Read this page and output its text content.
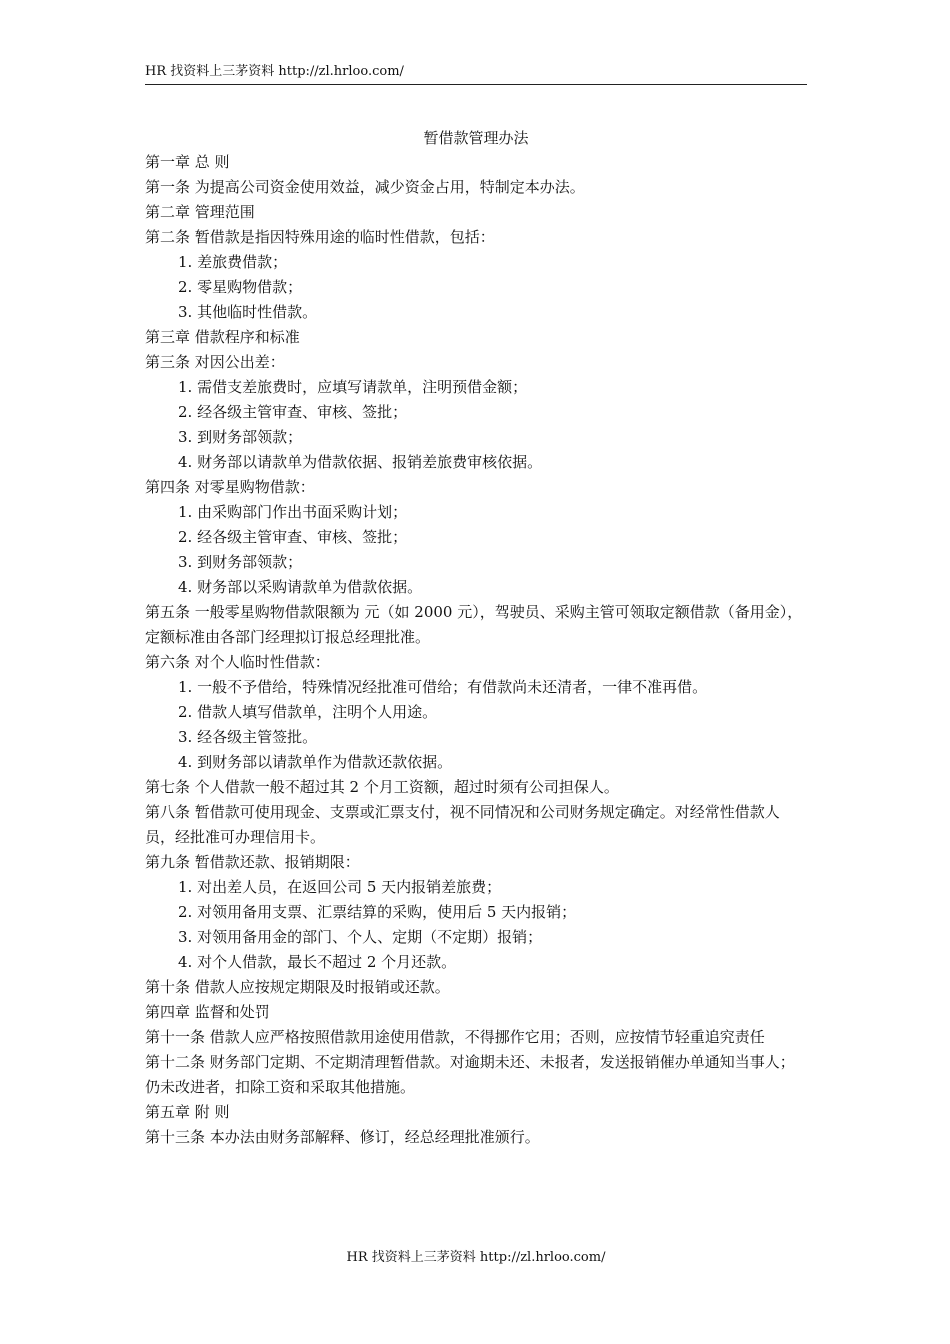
HR 找资料上三茅资料 http://zl.hrloo.com/
暂借款管理办法

第一章 总 则

第一条 为提高公司资金使用效益，减少资金占用，特制定本办法。

第二章 管理范围

第二条 暂借款是指因特殊用途的临时性借款，包括：

1. 差旅费借款；

2. 零星购物借款；

3. 其他临时性借款。

第三章 借款程序和标准

第三条 对因公出差：

1. 需借支差旅费时，应填写请款单，注明预借金额；

2. 经各级主管审查、审核、签批；

3. 到财务部领款；

4. 财务部以请款单为借款依据、报销差旅费审核依据。

第四条 对零星购物借款：

1. 由采购部门作出书面采购计划；

2. 经各级主管审查、审核、签批；

3. 到财务部领款；

4. 财务部以采购请款单为借款依据。

第五条 一般零星购物借款限额为 元（如 2000 元），驾驶员、采购主管可领取定额借款（备用金），定额标准由各部门经理拟订报总经理批准。

第六条 对个人临时性借款：

1. 一般不予借给，特殊情况经批准可借给；有借款尚未还清者，一律不准再借。

2. 借款人填写借款单，注明个人用途。

3. 经各级主管签批。

4. 到财务部以请款单作为借款还款依据。

第七条 个人借款一般不超过其 2 个月工资额，超过时须有公司担保人。

第八条 暂借款可使用现金、支票或汇票支付，视不同情况和公司财务规定确定。对经常性借款人员，经批准可办理信用卡。

第九条 暂借款还款、报销期限：

1. 对出差人员，在返回公司 5 天内报销差旅费；

2. 对领用备用支票、汇票结算的采购，使用后 5 天内报销；

3. 对领用备用金的部门、个人、定期（不定期）报销；

4. 对个人借款，最长不超过 2 个月还款。

第十条 借款人应按规定期限及时报销或还款。

第四章 监督和处罚

第十一条 借款人应严格按照借款用途使用借款，不得挪作它用；否则，应按情节轻重追究责任

第十二条 财务部门定期、不定期清理暂借款。对逾期未还、未报者，发送报销催办单通知当事人；仍未改进者，扣除工资和采取其他措施。

第五章 附 则

第十三条 本办法由财务部解释、修订，经总经理批准颁行。

HR 找资料上三茅资料 http://zl.hrloo.com/
